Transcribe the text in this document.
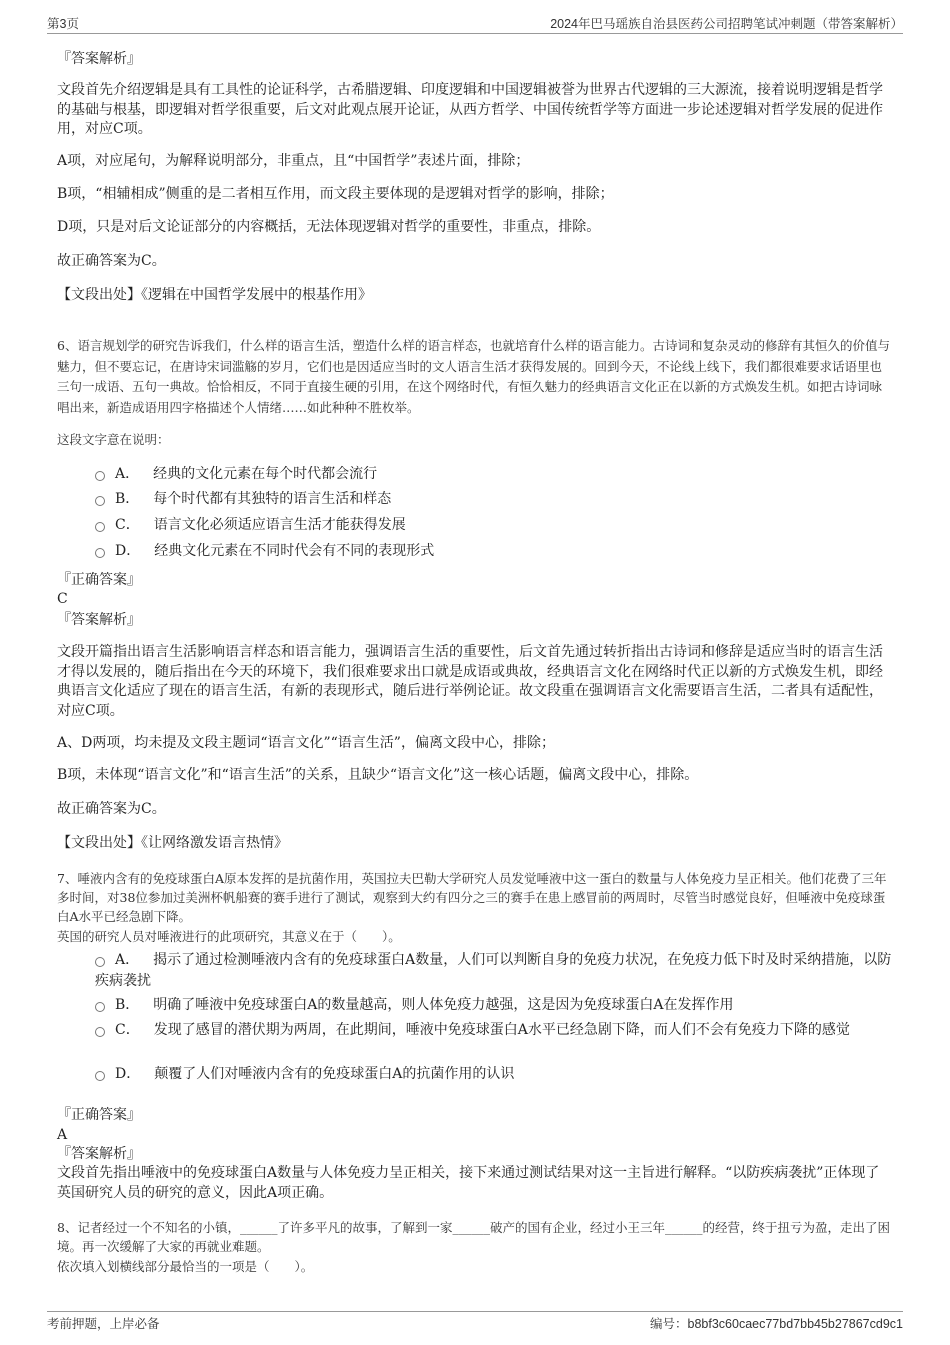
第3页	2024年巴马瑶族自治县医药公司招聘笔试冲刺题（带答案解析）

『答案解析』

文段首先介绍逻辑是具有工具性的论证科学，古希腊逻辑、印度逻辑和中国逻辑被誉为世界古代逻辑的三大源流，接着说明逻辑是哲学的基础与根基，即逻辑对哲学很重要，后文对此观点展开论证，从西方哲学、中国传统哲学等方面进一步论述逻辑对哲学发展的促进作用，对应C项。

A项，对应尾句，为解释说明部分，非重点，且“中国哲学”表述片面，排除；

B项，“相辅相成”侧重的是二者相互作用，而文段主要体现的是逻辑对哲学的影响，排除；

D项，只是对后文论证部分的内容概括，无法体现逻辑对哲学的重要性，非重点，排除。

故正确答案为C。

【文段出处】《逻辑在中国哲学发展中的根基作用》

6、语言规划学的研究告诉我们，什么样的语言生活，塑造什么样的语言样态，也就培育什么样的语言能力。古诗词和复杂灵动的修辞有其恒久的价值与魅力，但不要忘记，在唐诗宋词滥觞的岁月，它们也是因适应当时的文人语言生活才获得发展的。回到今天，不论线上线下，我们都很难要求话语里也三句一成语、五句一典故。恰恰相反，不同于直接生硬的引用，在这个网络时代，有恒久魅力的经典语言文化正在以新的方式焕发生机。如把古诗词咏唱出来，新造成语用四字格描述个人情绪……如此种种不胜枚举。

这段文字意在说明：

A． 经典的文化元素在每个时代都会流行
B． 每个时代都有其独特的语言生活和样态
C． 语言文化必须适应语言生活才能获得发展
D． 经典文化元素在不同时代会有不同的表现形式

『正确答案』

C

『答案解析』

文段开篇指出语言生活影响语言样态和语言能力，强调语言生活的重要性，后文首先通过转折指出古诗词和修辞是适应当时的语言生活才得以发展的，随后指出在今天的环境下，我们很难要求出口就是成语或典故，经典语言文化在网络时代正以新的方式焕发生机，即经典语言文化适应了现在的语言生活，有新的表现形式，随后进行举例论证。故文段重在强调语言文化需要语言生活，二者具有适配性，对应C项。

A、D两项，均未提及文段主题词“语言文化”“语言生活”，偏离文段中心，排除；

B项，未体现“语言文化”和“语言生活”的关系，且缺少“语言文化”这一核心话题，偏离文段中心，排除。

故正确答案为C。

【文段出处】《让网络激发语言热情》

7、唾液内含有的免疫球蛋白A原本发挥的是抗菌作用，英国拉夫巴勒大学研究人员发觉唾液中这一蛋白的数量与人体免疫力呈正相关。他们花费了三年多时间，对38位参加过美洲杯帆船赛的赛手进行了测试，观察到大约有四分之三的赛手在患上感冒前的两周时，尽管当时感觉良好，但唾液中免疫球蛋白A水平已经急剧下降。

英国的研究人员对唾液进行的此项研究，其意义在于（　　）。

A． 揭示了通过检测唾液内含有的免疫球蛋白A数量，人们可以判断自身的免疫力状况，在免疫力低下时及时采纳措施，以防疾病袭扰
B． 明确了唾液中免疫球蛋白A的数量越高，则人体免疫力越强，这是因为免疫球蛋白A在发挥作用
C． 发现了感冒的潜伏期为两周，在此期间，唾液中免疫球蛋白A水平已经急剧下降，而人们不会有免疫力下降的感觉
D． 颠覆了人们对唾液内含有的免疫球蛋白A的抗菌作用的认识

『正确答案』

A

『答案解析』

文段首先指出唾液中的免疫球蛋白A数量与人体免疫力呈正相关，接下来通过测试结果对这一主旨进行解释。“以防疾病袭扰”正体现了英国研究人员的研究的意义，因此A项正确。

8、记者经过一个不知名的小镇，______了许多平凡的故事，了解到一家______破产的国有企业，经过小王三年______的经营，终于扭亏为盈，走出了困境。再一次缓解了大家的再就业难题。

依次填入划横线部分最恰当的一项是（　　）。

考前押题，上岸必备	编号：b8bf3c60caec77bd7bb45b27867cd9c1
